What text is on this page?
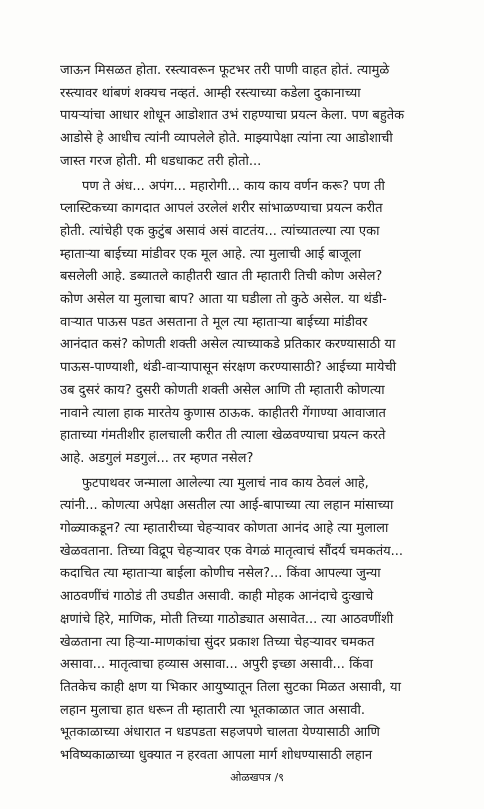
जाऊन मिसळत होता. रस्त्यावरून फूटभर तरी पाणी वाहत होतं. त्यामुळे
रस्त्यावर थांबणं शक्यच नव्हतं. आम्ही रस्त्याच्या कडेला दुकानाच्या
पायऱ्यांचा आधार शोधून आडोशात उभं राहण्याचा प्रयत्न केला. पण बहुतेक
आडोसे हे आधीच त्यांनी व्यापलेले होते. माझ्यापेक्षा त्यांना त्या आडोशाची
जास्त गरज होती. मी धडधाकट तरी होतो...

पण ते अंध... अपंग... महारोगी... काय काय वर्णन करू? पण ती
प्लास्टिकच्या कागदात आपलं उरलेलं शरीर सांभाळण्याचा प्रयत्न करीत
होती. त्यांचेही एक कुटुंब असावं असं वाटतंय... त्यांच्यातल्या त्या एका
म्हाताऱ्या बाईच्या मांडीवर एक मूल आहे. त्या मुलाची आई बाजूला
बसलेली आहे. डब्यातले काहीतरी खात ती म्हातारी तिची कोण असेल?
कोण असेल या मुलाचा बाप? आता या घडीला तो कुठे असेल. या थंडी-
वाऱ्यात पाऊस पडत असताना ते मूल त्या म्हाताऱ्या बाईच्या मांडीवर
आनंदात कसं? कोणती शक्ती असेल त्याच्याकडे प्रतिकार करण्यासाठी या
पाऊस-पाण्याशी, थंडी-वाऱ्यापासून संरक्षण करण्यासाठी? आईच्या मायेची
उब दुसरं काय? दुसरी कोणती शक्ती असेल आणि ती म्हातारी कोणत्या
नावाने त्याला हाक मारतेय कुणास ठाऊक. काहीतरी गेंगाण्या आवाजात
हाताच्या गंमतीशीर हालचाली करीत ती त्याला खेळवण्याचा प्रयत्न करते
आहे. अडगुलं मडगुलं... तर म्हणत नसेल?

फुटपाथवर जन्माला आलेल्या त्या मुलाचं नाव काय ठेवलं आहे,
त्यांनी... कोणत्या अपेक्षा असतील त्या आई-बापाच्या त्या लहान मांसाच्या
गोळ्याकडून? त्या म्हातारीच्या चेहऱ्यावर कोणता आनंद आहे त्या मुलाला
खेळवताना. तिच्या विद्रूप चेहऱ्यावर एक वेगळं मातृत्वाचं सौंदर्य चमकतंय...
कदाचित त्या म्हाताऱ्या बाईला कोणीच नसेल?... किंवा आपल्या जुन्या
आठवणींचं गाठोडं ती उघडीत असावी. काही मोहक आनंदाचे दुःखाचे
क्षणांचे हिरे, माणिक, मोती तिच्या गाठोड्यात असावेत... त्या आठवणींशी
खेळताना त्या हिऱ्या-माणकांचा सुंदर प्रकाश तिच्या चेहऱ्यावर चमकत
असावा... मातृत्वाचा हव्यास असावा... अपुरी इच्छा असावी... किंवा
तितकेच काही क्षण या भिकार आयुष्यातून तिला सुटका मिळत असावी, या
लहान मुलाचा हात धरून ती म्हातारी त्या भूतकाळात जात असावी.
भूतकाळाच्या अंधारात न धडपडता सहजपणे चालता येण्यासाठी आणि
भविष्यकाळाच्या धुक्यात न हरवता आपला मार्ग शोधण्यासाठी लहान

ओळखपत्र /९
